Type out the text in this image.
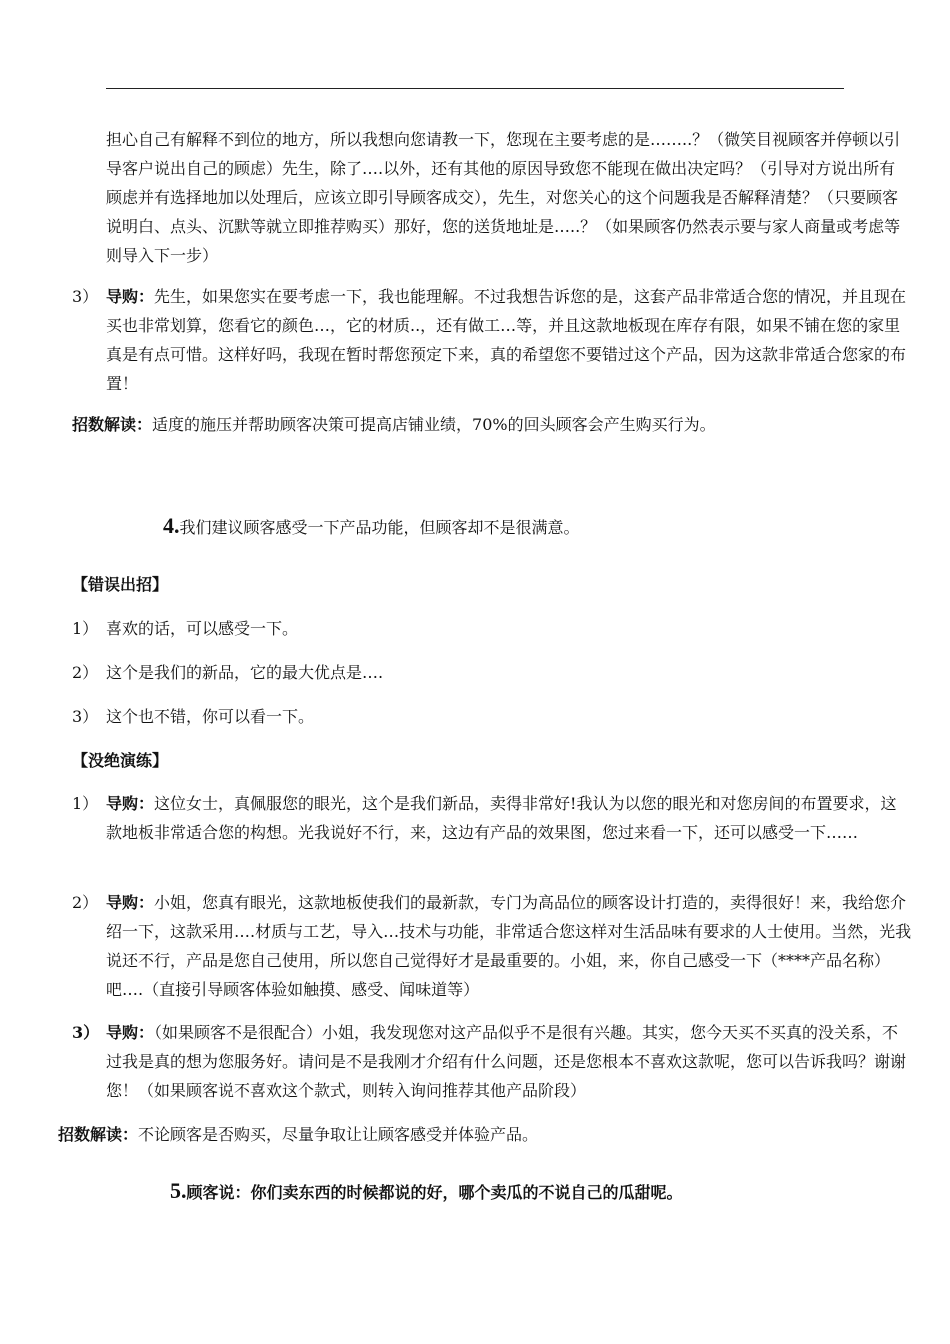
担心自己有解释不到位的地方，所以我想向您请教一下，您现在主要考虑的是……..？（微笑目视顾客并停顿以引导客户说出自己的顾虑）先生，除了….以外，还有其他的原因导致您不能现在做出决定吗？（引导对方说出所有顾虑并有选择地加以处理后，应该立即引导顾客成交），先生，对您关心的这个问题我是否解释清楚？（只要顾客说明白、点头、沉默等就立即推荐购买）那好，您的送货地址是…..？（如果顾客仍然表示要与家人商量或考虑等则导入下一步）
3） 导购：先生，如果您实在要考虑一下，我也能理解。不过我想告诉您的是，这套产品非常适合您的情况，并且现在买也非常划算，您看它的颜色…，它的材质..，还有做工…等，并且这款地板现在库存有限，如果不铺在您的家里真是有点可惜。这样好吗，我现在暂时帮您预定下来，真的希望您不要错过这个产品，因为这款非常适合您家的布置！
招数解读：适度的施压并帮助顾客决策可提高店铺业绩，70%的回头顾客会产生购买行为。
4.我们建议顾客感受一下产品功能，但顾客却不是很满意。
【错误出招】
1） 喜欢的话，可以感受一下。
2） 这个是我们的新品，它的最大优点是….
3） 这个也不错，你可以看一下。
【没绝演练】
1） 导购：这位女士，真佩服您的眼光，这个是我们新品，卖得非常好!我认为以您的眼光和对您房间的布置要求，这款地板非常适合您的构想。光我说好不行，来，这边有产品的效果图，您过来看一下，还可以感受一下……
2） 导购：小姐，您真有眼光，这款地板使我们的最新款，专门为高品位的顾客设计打造的，卖得很好！来，我给您介绍一下，这款采用….材质与工艺，导入…技术与功能，非常适合您这样对生活品味有要求的人士使用。当然，光我说还不行，产品是您自己使用，所以您自己觉得好才是最重要的。小姐，来，你自己感受一下（****产品名称）吧….（直接引导顾客体验如触摸、感受、闻味道等）
3） 导购：（如果顾客不是很配合）小姐，我发现您对这产品似乎不是很有兴趣。其实，您今天买不买真的没关系，不过我是真的想为您服务好。请问是不是我刚才介绍有什么问题，还是您根本不喜欢这款呢，您可以告诉我吗？谢谢您！（如果顾客说不喜欢这个款式，则转入询问推荐其他产品阶段）
招数解读：不论顾客是否购买，尽量争取让让顾客感受并体验产品。
5.顾客说：你们卖东西的时候都说的好，哪个卖瓜的不说自己的瓜甜呢。
